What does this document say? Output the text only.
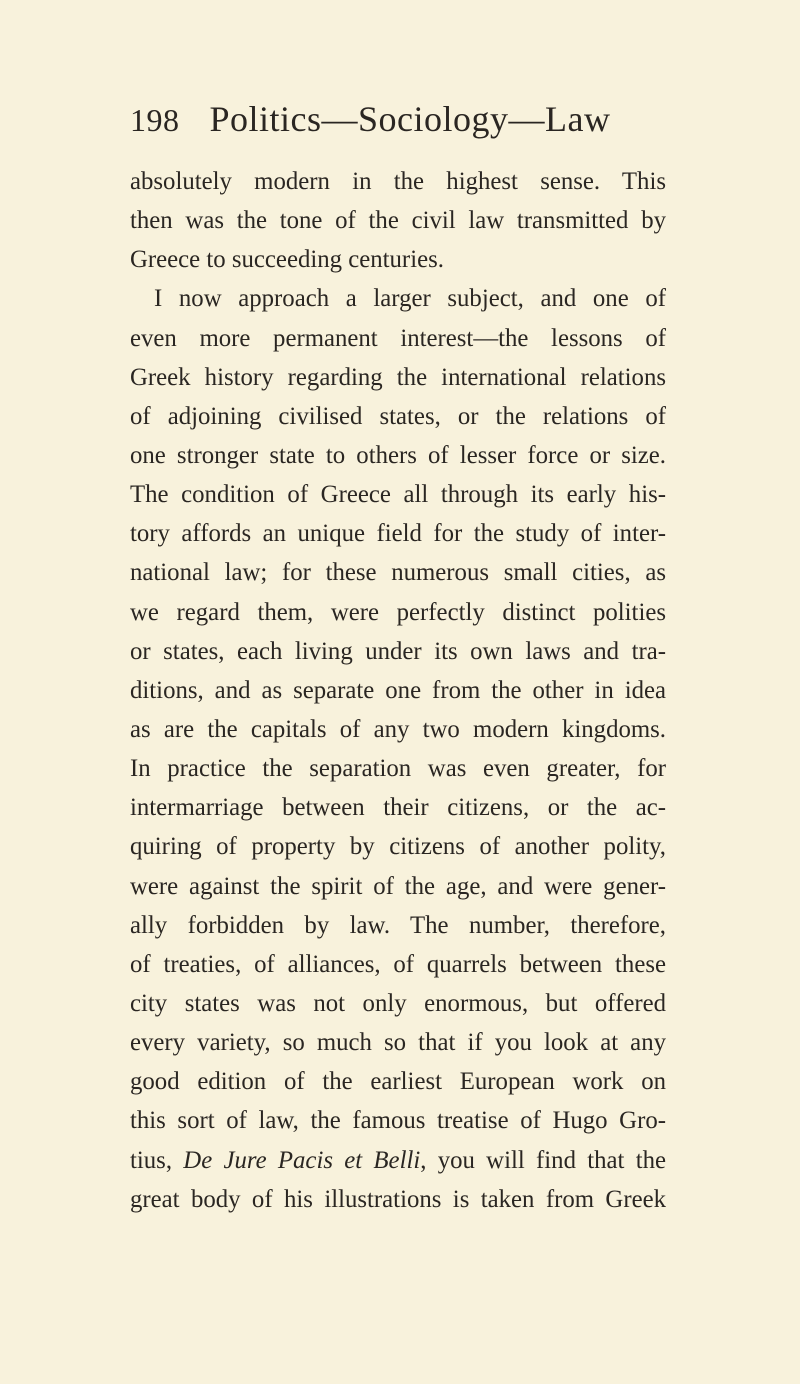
198 Politics—Sociology—Law
absolutely modern in the highest sense. This
then was the tone of the civil law transmitted by
Greece to succeeding centuries.
I now approach a larger subject, and one of
even more permanent interest—the lessons of
Greek history regarding the international relations
of adjoining civilised states, or the relations of
one stronger state to others of lesser force or size.
The condition of Greece all through its early his-
tory affords an unique field for the study of inter-
national law; for these numerous small cities, as
we regard them, were perfectly distinct polities
or states, each living under its own laws and tra-
ditions, and as separate one from the other in idea
as are the capitals of any two modern kingdoms.
In practice the separation was even greater, for
intermarriage between their citizens, or the ac-
quiring of property by citizens of another polity,
were against the spirit of the age, and were gener-
ally forbidden by law. The number, therefore,
of treaties, of alliances, of quarrels between these
city states was not only enormous, but offered
every variety, so much so that if you look at any
good edition of the earliest European work on
this sort of law, the famous treatise of Hugo Gro-
tius, De Jure Pacis et Belli, you will find that the
great body of his illustrations is taken from Greek
